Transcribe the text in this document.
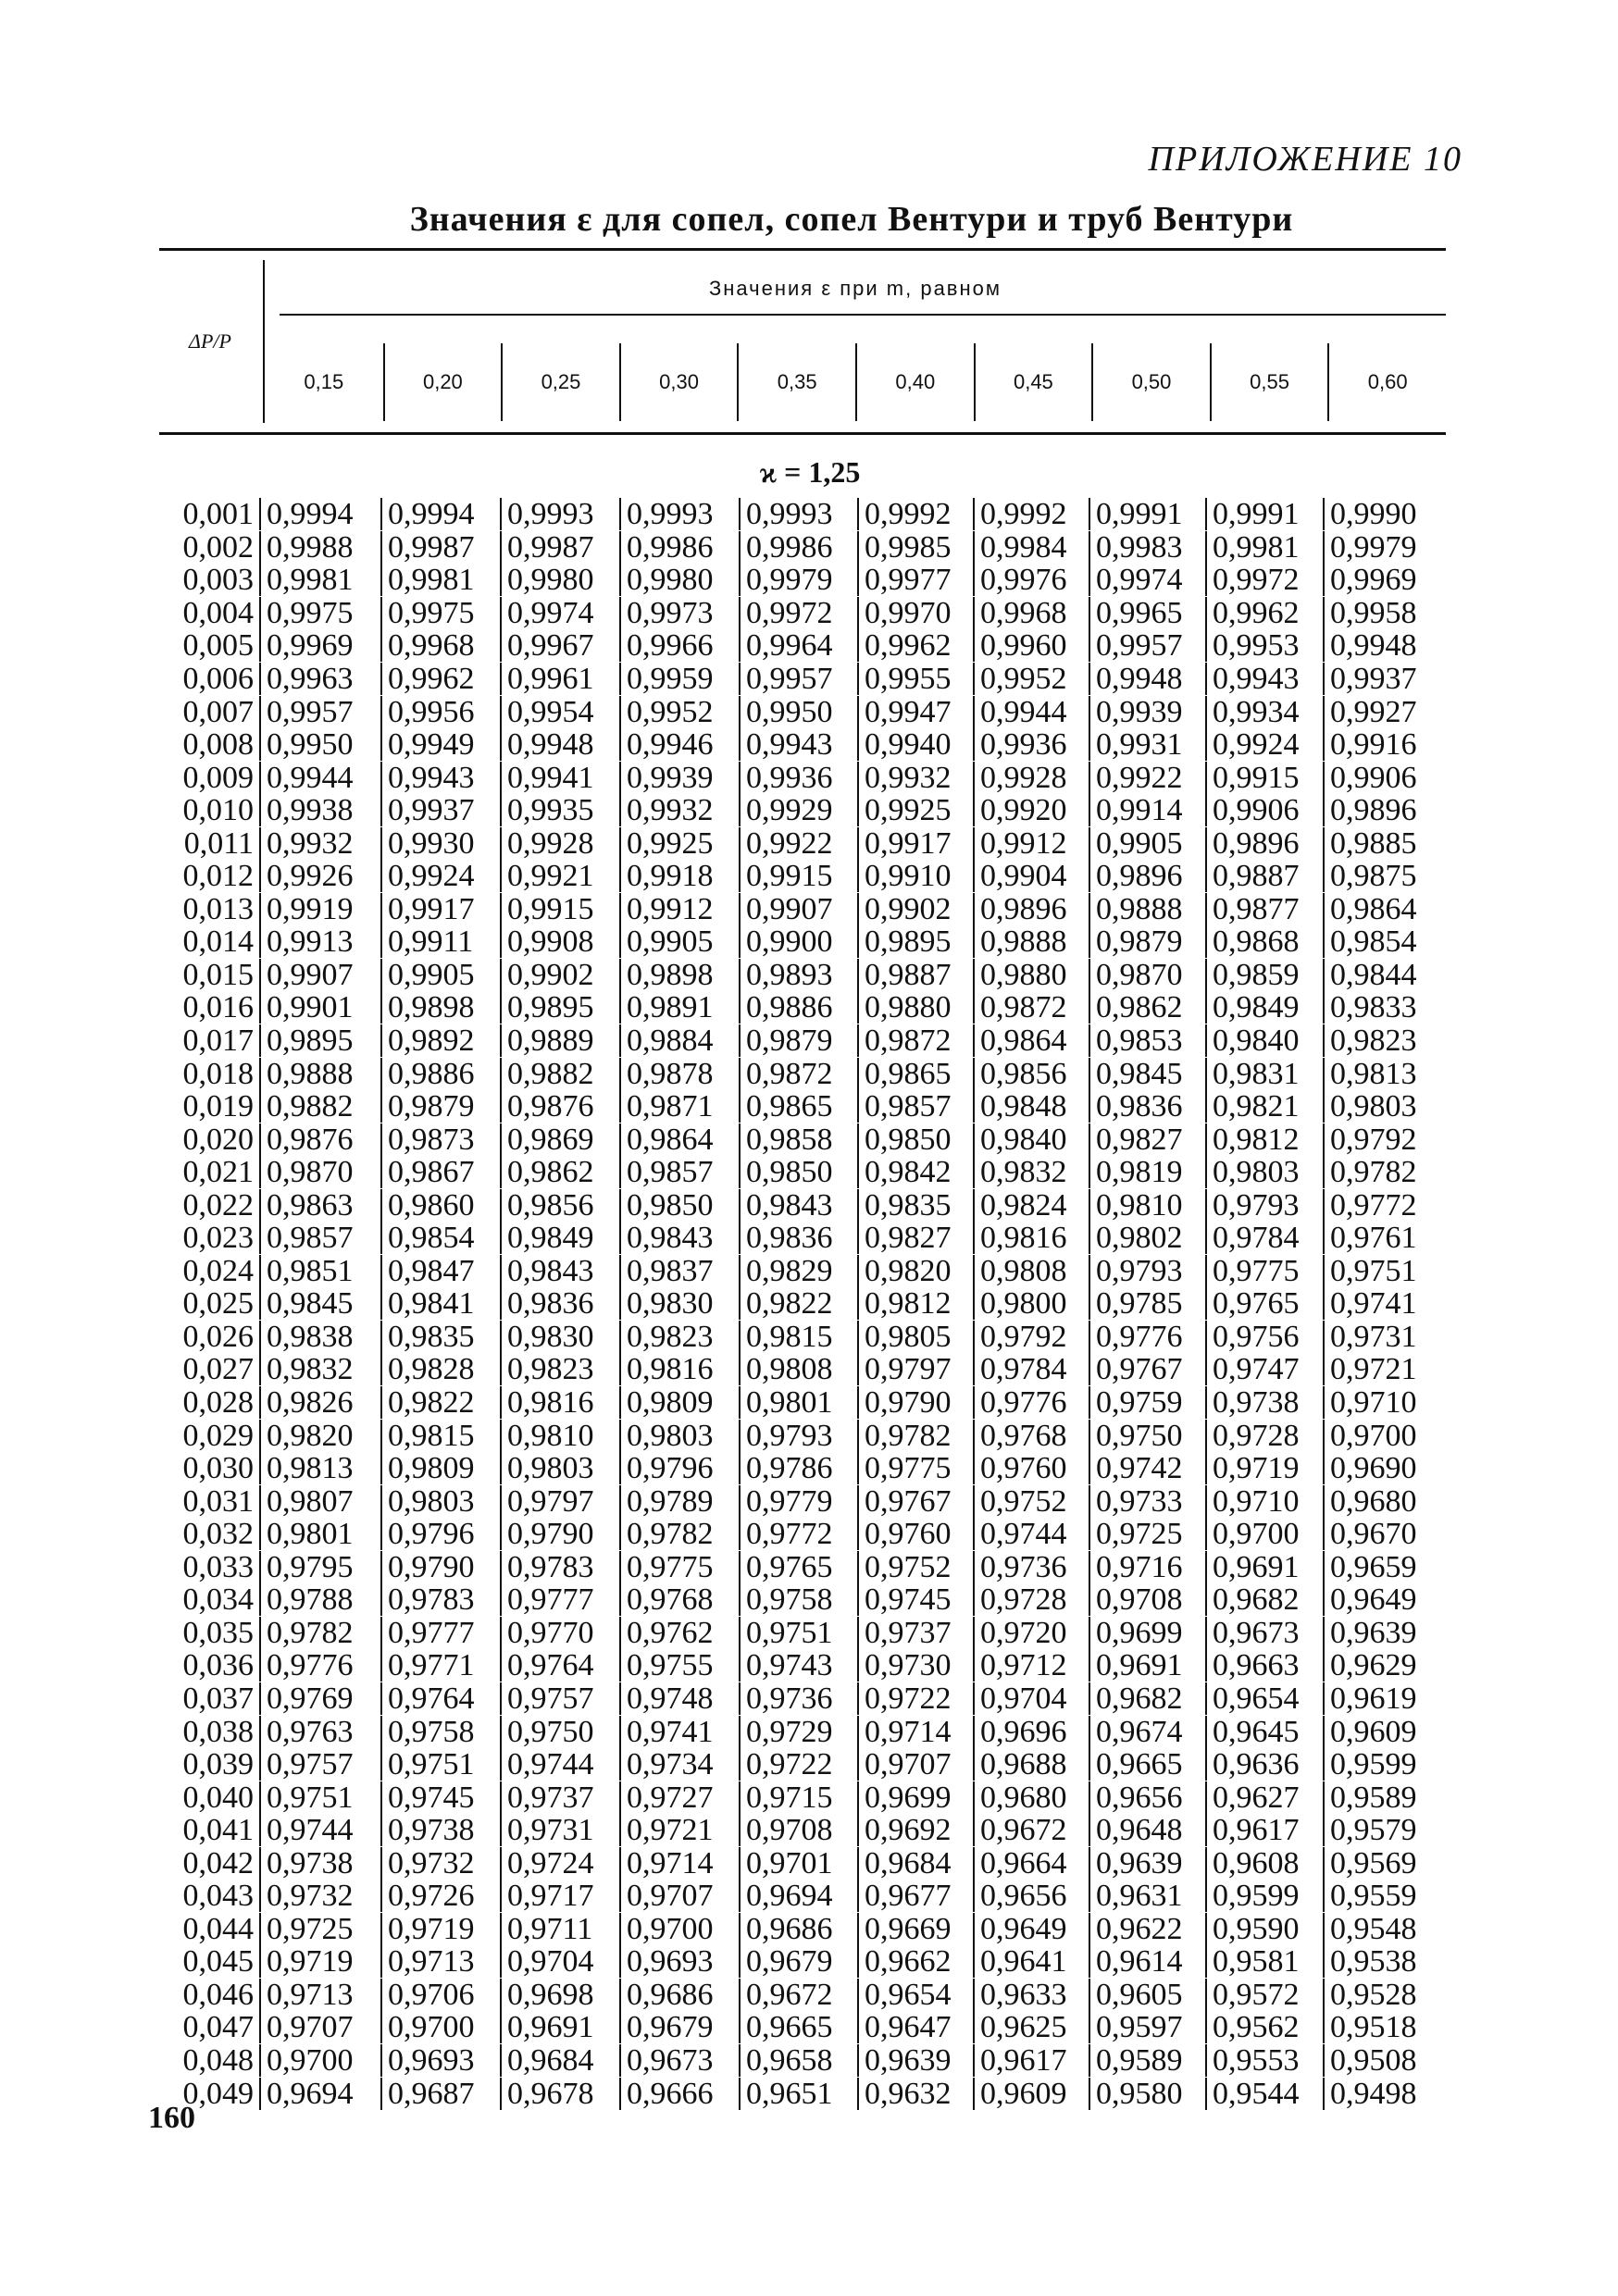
ПРИЛОЖЕНИЕ 10
Значения ε для сопел, сопел Вентури и труб Вентури
ΔP/P
Значения ε при m, равном
0,15	0,20	0,25	0,30	0,35	0,40	0,45	0,50	0,55	0,60
ϰ = 1,25
0,001 0,9994	0,9994	0,9993	0,9993	0,9993	0,9992 0,9992 0,9991 0,9991 0,9990
0,002 0,9988	0,9987	0,9987	0,9986	0,9986	0,9985 0,9984 0,9983 0,9981 0,9979
0,003 0,9981	0,9981	0,9980	0,9980	0,9979	0,9977 0,9976 0,9974 0,9972 0,9969
0,004 0,9975	0,9975	0,9974	0,9973	0,9972	0,9970 0,9968 0,9965 0,9962 0,9958
0,005 0,9969	0,9968	0,9967	0,9966	0,9964	0,9962 0,9960 0,9957 0,9953 0,9948
0,006 0,9963	0,9962	0,9961	0,9959	0,9957	0,9955 0,9952 0,9948 0,9943 0,9937
0,007 0,9957	0,9956	0,9954	0,9952	0,9950	0,9947 0,9944 0,9939 0,9934 0,9927
0,008 0,9950	0,9949	0,9948	0,9946	0,9943	0,9940 0,9936 0,9931 0,9924 0,9916
0,009 0,9944	0,9943	0,9941	0,9939	0,9936	0,9932 0,9928 0,9922 0,9915 0,9906
0,010 0,9938	0,9937	0,9935	0,9932	0,9929	0,9925 0,9920 0,9914 0,9906 0,9896
0,011 0,9932	0,9930	0,9928	0,9925	0,9922	0,9917 0,9912 0,9905 0,9896 0,9885
0,012 0,9926	0,9924	0,9921	0,9918	0,9915	0,9910 0,9904 0,9896 0,9887 0,9875
0,013 0,9919	0,9917	0,9915	0,9912	0,9907	0,9902 0,9896 0,9888 0,9877 0,9864
0,014 0,9913	0,9911	0,9908	0,9905	0,9900	0,9895 0,9888 0,9879 0,9868 0,9854
0,015 0,9907	0,9905	0,9902	0,9898	0,9893	0,9887 0,9880 0,9870 0,9859 0,9844
0,016 0,9901	0,9898	0,9895	0,9891	0,9886	0,9880 0,9872 0,9862 0,9849 0,9833
0,017 0,9895	0,9892	0,9889	0,9884	0,9879	0,9872 0,9864 0,9853 0,9840 0,9823
0,018 0,9888	0,9886	0,9882	0,9878	0,9872	0,9865 0,9856 0,9845 0,9831 0,9813
0,019 0,9882	0,9879	0,9876	0,9871	0,9865	0,9857 0,9848 0,9836 0,9821 0,9803
0,020 0,9876	0,9873	0,9869	0,9864	0,9858	0,9850 0,9840 0,9827 0,9812 0,9792
0,021 0,9870	0,9867	0,9862	0,9857	0,9850	0,9842 0,9832 0,9819 0,9803 0,9782
0,022 0,9863	0,9860	0,9856	0,9850	0,9843	0,9835 0,9824 0,9810 0,9793 0,9772
0,023 0,9857	0,9854	0,9849	0,9843	0,9836	0,9827 0,9816 0,9802 0,9784 0,9761
0,024 0,9851	0,9847	0,9843	0,9837	0,9829	0,9820 0,9808 0,9793 0,9775 0,9751
0,025 0,9845	0,9841	0,9836	0,9830	0,9822	0,9812 0,9800 0,9785 0,9765 0,9741
0,026 0,9838	0,9835	0,9830	0,9823	0,9815	0,9805 0,9792 0,9776 0,9756 0,9731
0,027 0,9832	0,9828	0,9823	0,9816	0,9808	0,9797 0,9784 0,9767 0,9747 0,9721
0,028 0,9826	0,9822	0,9816	0,9809	0,9801	0,9790 0,9776 0,9759 0,9738 0,9710
0,029 0,9820	0,9815	0,9810	0,9803	0,9793	0,9782 0,9768 0,9750 0,9728 0,9700
0,030 0,9813	0,9809	0,9803	0,9796	0,9786	0,9775 0,9760 0,9742 0,9719 0,9690
0,031 0,9807	0,9803	0,9797	0,9789	0,9779	0,9767 0,9752 0,9733 0,9710 0,9680
0,032 0,9801	0,9796	0,9790	0,9782	0,9772	0,9760 0,9744 0,9725 0,9700 0,9670
0,033 0,9795	0,9790	0,9783	0,9775	0,9765	0,9752 0,9736 0,9716 0,9691 0,9659
0,034 0,9788	0,9783	0,9777	0,9768	0,9758	0,9745 0,9728 0,9708 0,9682 0,9649
0,035 0,9782	0,9777	0,9770	0,9762	0,9751	0,9737 0,9720 0,9699 0,9673 0,9639
0,036 0,9776	0,9771	0,9764	0,9755	0,9743	0,9730 0,9712 0,9691 0,9663 0,9629
0,037 0,9769	0,9764	0,9757	0,9748	0,9736	0,9722 0,9704 0,9682 0,9654 0,9619
0,038 0,9763	0,9758	0,9750	0,9741	0,9729	0,9714 0,9696 0,9674 0,9645 0,9609
0,039 0,9757	0,9751	0,9744	0,9734	0,9722	0,9707 0,9688 0,9665 0,9636 0,9599
0,040 0,9751	0,9745	0,9737	0,9727	0,9715	0,9699 0,9680 0,9656 0,9627 0,9589
0,041 0,9744	0,9738	0,9731	0,9721	0,9708	0,9692 0,9672 0,9648 0,9617 0,9579
0,042 0,9738	0,9732	0,9724	0,9714	0,9701	0,9684 0,9664 0,9639 0,9608 0,9569
0,043 0,9732	0,9726	0,9717	0,9707	0,9694	0,9677 0,9656 0,9631 0,9599 0,9559
0,044 0,9725	0,9719	0,9711	0,9700	0,9686	0,9669 0,9649 0,9622 0,9590 0,9548
0,045 0,9719	0,9713	0,9704	0,9693	0,9679	0,9662 0,9641 0,9614 0,9581 0,9538
0,046 0,9713	0,9706	0,9698	0,9686	0,9672	0,9654 0,9633 0,9605 0,9572 0,9528
0,047 0,9707	0,9700	0,9691	0,9679	0,9665	0,9647 0,9625 0,9597 0,9562 0,9518
0,048 0,9700	0,9693	0,9684	0,9673	0,9658	0,9639 0,9617 0,9589 0,9553 0,9508
0,049 0,9694	0,9687	0,9678	0,9666	0,9651	0,9632 0,9609 0,9580 0,9544 0,9498
160
